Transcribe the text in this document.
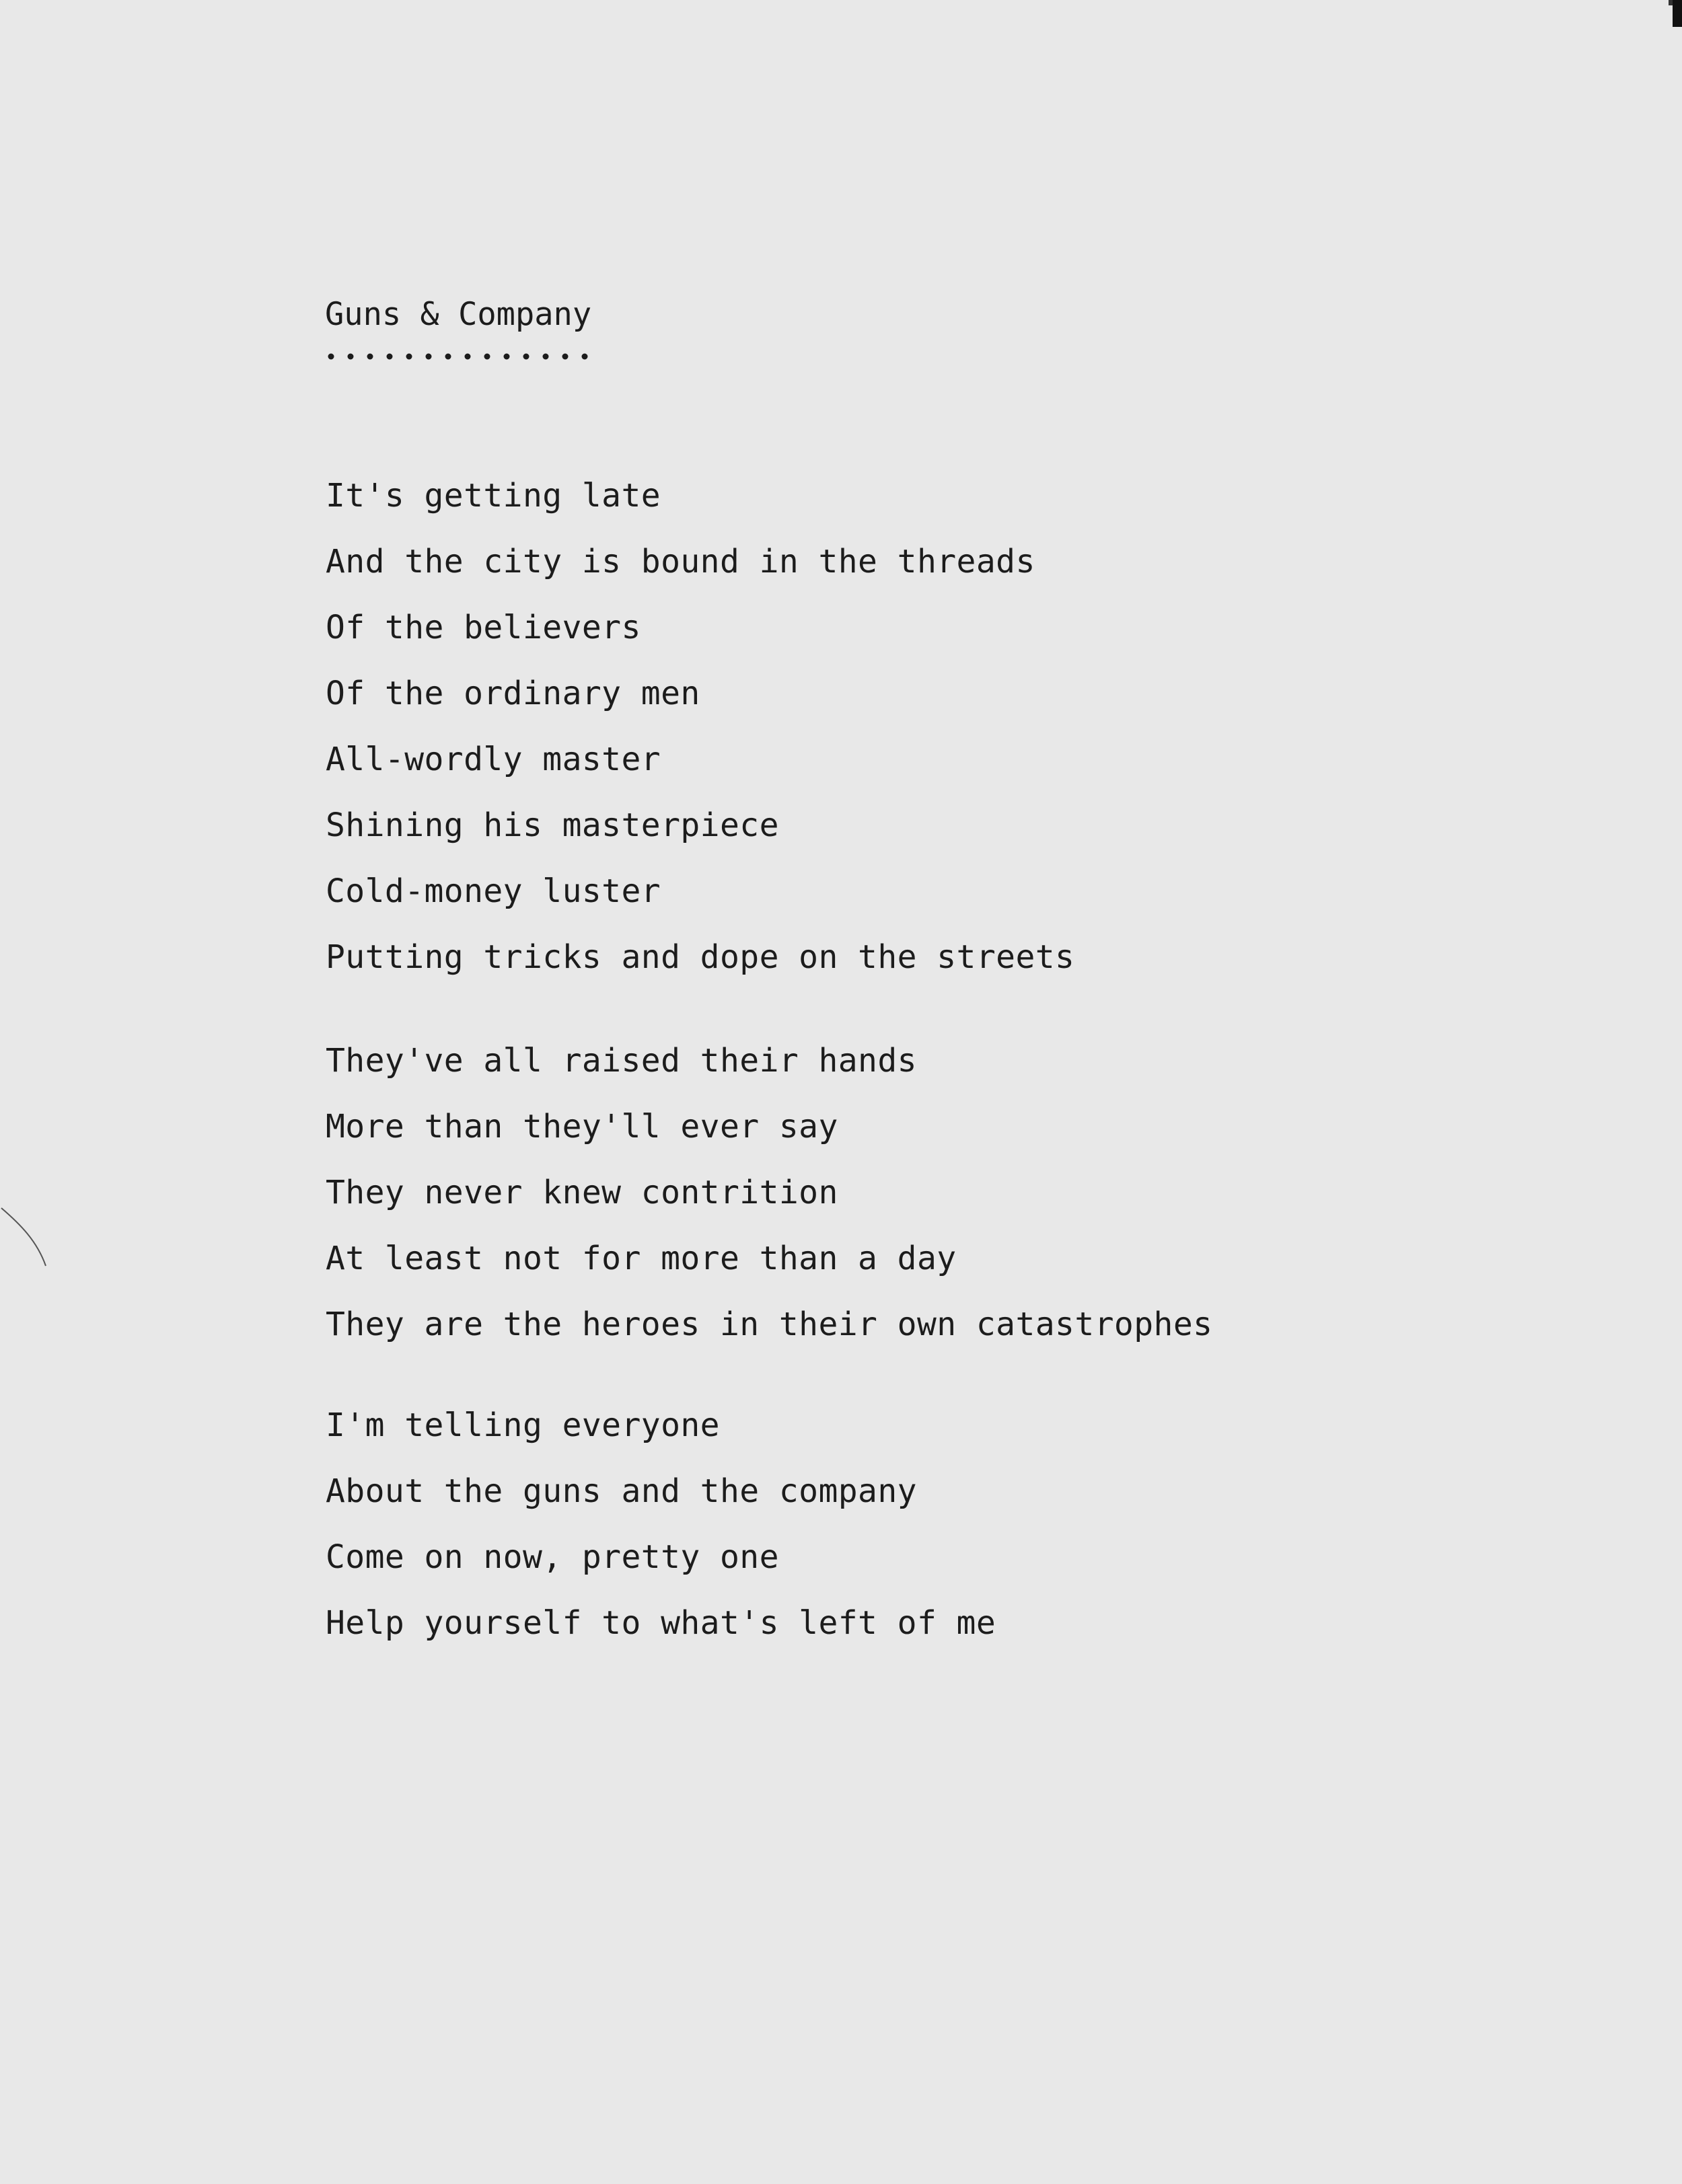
Guns & Company
It's getting late
And the city is bound in the threads
Of the believers
Of the ordinary men
All-wordly master
Shining his masterpiece
Cold-money luster
Putting tricks and dope on the streets
They've all raised their hands
More than they'll ever say
They never knew contrition
At least not for more than a day
They are the heroes in their own catastrophes
I'm telling everyone
About the guns and the company
Come on now, pretty one
Help yourself to what's left of me
